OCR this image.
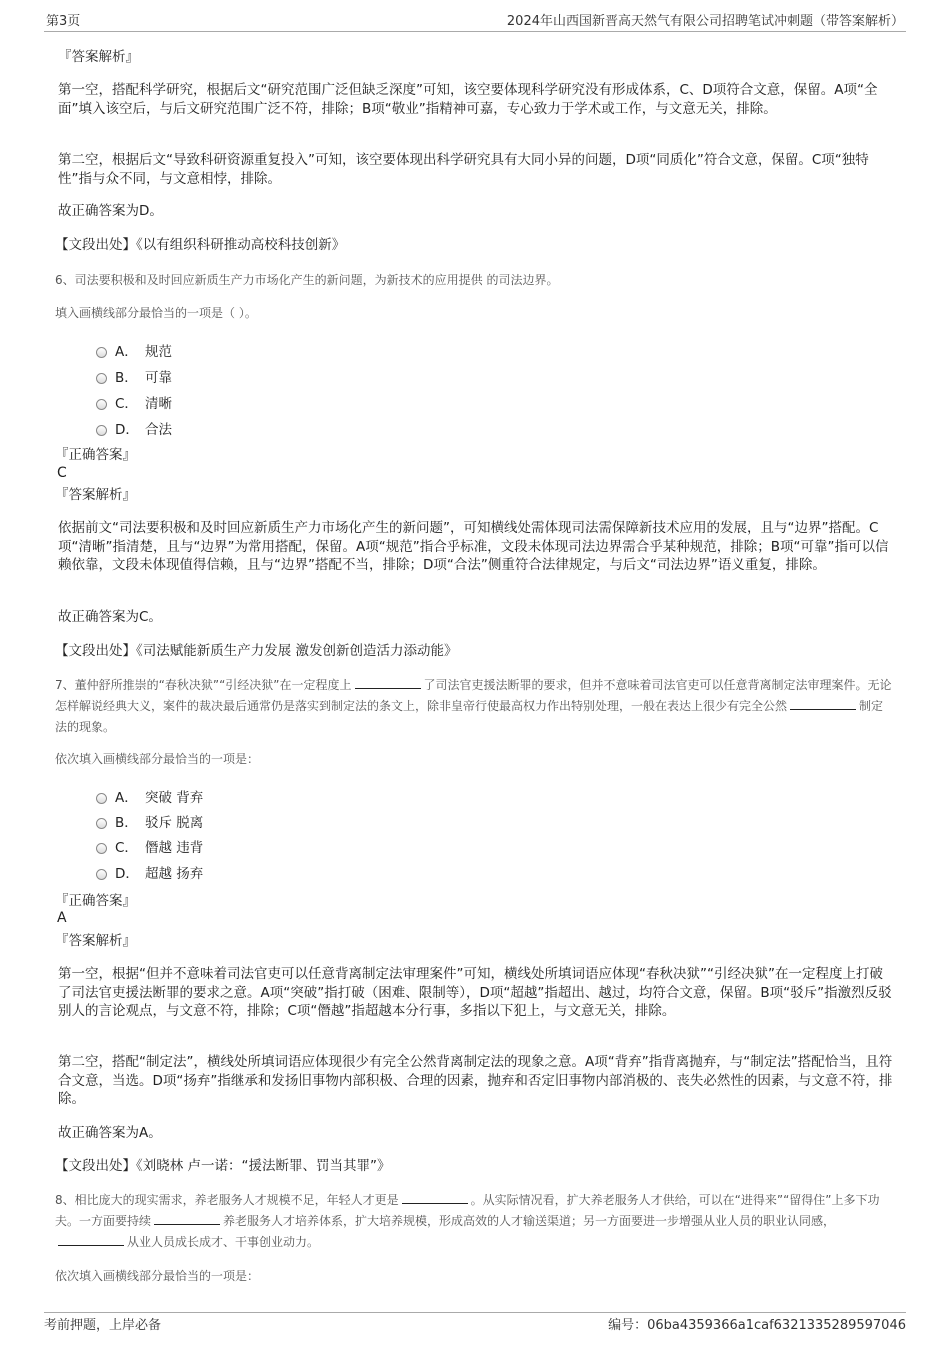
第3页	2024年山西国新晋高天然气有限公司招聘笔试冲刺题（带答案解析）
『答案解析』
第一空，搭配科学研究，根据后文“研究范围广泛但缺乏深度”可知，该空要体现科学研究没有形成体系，C、D项符合文意，保留。A项“全面”填入该空后，与后文研究范围广泛不符，排除；B项“敬业”指精神可嘉，专心致力于学术或工作，与文意无关，排除。
第二空，根据后文“导致科研资源重复投入”可知，该空要体现出科学研究具有大同小异的问题，D项“同质化”符合文意，保留。C项“独特性”指与众不同，与文意相悖，排除。
故正确答案为D。
【文段出处】《以有组织科研推动高校科技创新》
6、司法要积极和及时回应新质生产力市场化产生的新问题，为新技术的应用提供 的司法边界。
填入画横线部分最恰当的一项是（ ）。
A． 规范
B． 可靠
C． 清晰
D． 合法
『正确答案』
C
『答案解析』
依据前文“司法要积极和及时回应新质生产力市场化产生的新问题”，可知横线处需体现司法需保障新技术应用的发展，且与“边界”搭配。C项“清晰”指清楚，且与“边界”为常用搭配，保留。A项“规范”指合乎标准，文段未体现司法边界需合乎某种规范，排除；B项“可靠”指可以信赖依靠，文段未体现值得信赖，且与“边界”搭配不当，排除；D项“合法”侧重符合法律规定，与后文“司法边界”语义重复，排除。
故正确答案为C。
【文段出处】《司法赋能新质生产力发展 激发创新创造活力添动能》
7、董仲舒所推崇的“春秋决狱”“引经决狱”在一定程度上	了司法官吏援法断罪的要求，但并不意味着司法官吏可以任意背离制定法审理案件。无论怎样解说经典大义，案件的裁决最后通常仍是落实到制定法的条文上，除非皇帝行使最高权力作出特别处理，一般在表达上很少有完全公然	制定法的现象。
依次填入画横线部分最恰当的一项是：
A． 突破 背弃
B． 驳斥 脱离
C． 僭越 违背
D． 超越 扬弃
『正确答案』
A
『答案解析』
第一空，根据“但并不意味着司法官吏可以任意背离制定法审理案件”可知，横线处所填词语应体现“春秋决狱”“引经决狱”在一定程度上打破了司法官吏援法断罪的要求之意。A项“突破”指打破（困难、限制等），D项“超越”指超出、越过，均符合文意，保留。B项“驳斥”指激烈反驳别人的言论观点，与文意不符，排除；C项“僭越”指超越本分行事，多指以下犯上，与文意无关，排除。
第二空，搭配“制定法”，横线处所填词语应体现很少有完全公然背离制定法的现象之意。A项“背弃”指背离抛弃，与“制定法”搭配恰当，且符合文意，当选。D项“扬弃”指继承和发扬旧事物内部积极、合理的因素，抛弃和否定旧事物内部消极的、丧失必然性的因素，与文意不符，排除。
故正确答案为A。
【文段出处】《刘晓林 卢一诺：“援法断罪、罚当其罪”》
8、相比庞大的现实需求，养老服务人才规模不足，年轻人才更是	。从实际情况看，扩大养老服务人才供给，可以在“进得来”“留得住”上多下功夫。一方面要持续	养老服务人才培养体系，扩大培养规模，形成高效的人才输送渠道；另一方面要进一步增强从业人员的职业认同感，从业人员成长成才、干事创业动力。
依次填入画横线部分最恰当的一项是：
考前押题，上岸必备	编号：06ba4359366a1caf6321335289597046
